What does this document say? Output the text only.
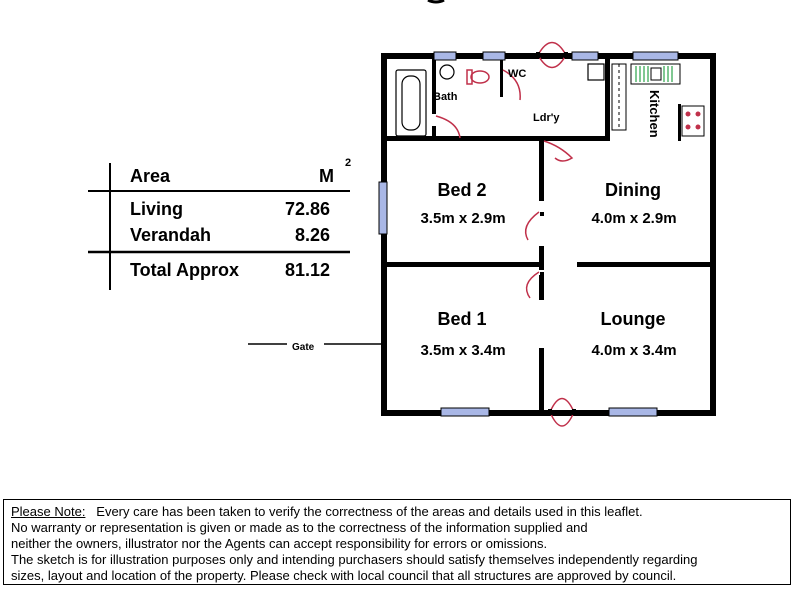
Gate
Bath
WC
Ldr'y	Kitchen
Bed 2
3.5m x 2.9m
Dining
4.0m x 2.9m
Bed 1
3.5m x 3.4m
Lounge
4.0m x 3.4m
Area	M
2
Living	72.86
Verandah	8.26
Total Approx	81.12

Please Note: Every care has been taken to verify the correctness of the areas and details used in this leaflet.

No warranty or representation is given or made as to the correctness of the information supplied and

neither the owners, illustrator nor the Agents can accept responsibility for errors or omissions.

The sketch is for illustration purposes only and intending purchasers should satisfy themselves independently regarding

sizes, layout and location of the property. Please check with local council that all structures are approved by council.
